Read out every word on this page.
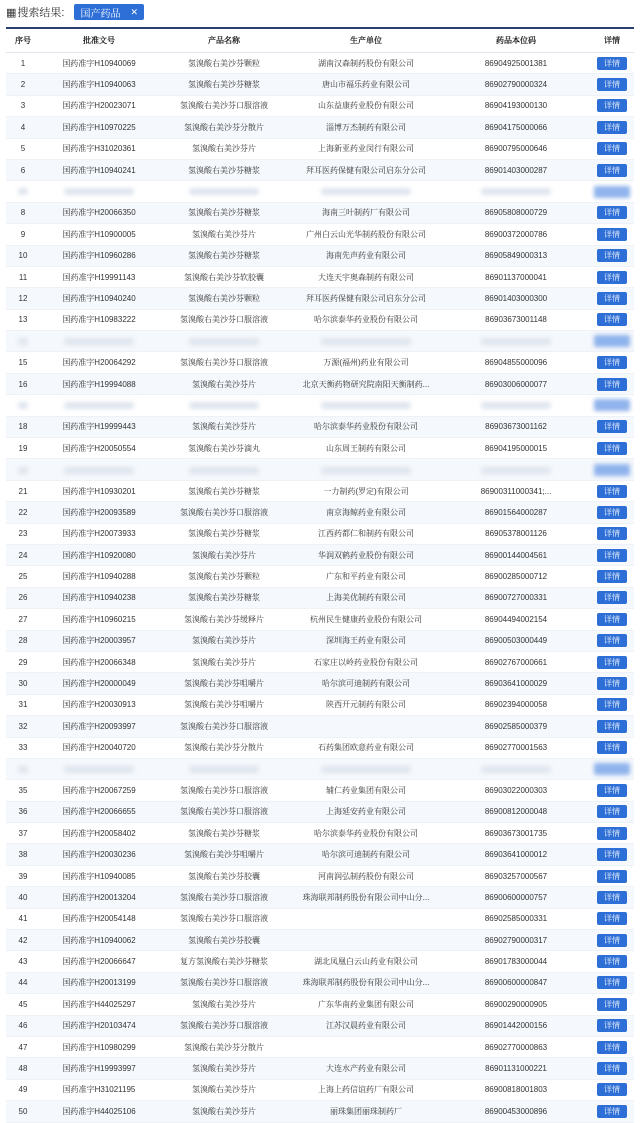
▦ 搜索结果: 国产药品 ✕
序号	批准文号	产品名称	生产单位	药品本位码	详情
1	国药准字H10940069	氢溴酸右美沙芬颗粒	湖南汉森制药股份有限公司	86904925001381	详情
2	国药准字H10940063	氢溴酸右美沙芬糖浆	唐山市福乐药业有限公司	86902790000324	详情
3	国药准字H20023071	氢溴酸右美沙芬口服溶液	山东益康药业股份有限公司	86904193000130	详情
4	国药准字H10970225	氢溴酸右美沙芬分散片	淄博万杰制药有限公司	86904175000066	详情
5	国药准字H31020361	氢溴酸右美沙芬片	上海新亚药业闵行有限公司	86900795000646	详情
6	国药准字H10940241	氢溴酸右美沙芬糖浆	拜耳医药保健有限公司启东分公司	86901403000287	详情

8	国药准字H20066350	氢溴酸右美沙芬糖浆	海南三叶制药厂有限公司	86905808000729	详情
9	国药准字H10900005	氢溴酸右美沙芬片	广州白云山光华制药股份有限公司	86900372000786	详情
10	国药准字H10960286	氢溴酸右美沙芬糖浆	海南先声药业有限公司	86905849000313	详情
11	国药准字H19991143	氢溴酸右美沙芬软胶囊	大连天宇奥森制药有限公司	86901137000041	详情
12	国药准字H10940240	氢溴酸右美沙芬颗粒	拜耳医药保健有限公司启东分公司	86901403000300	详情
13	国药准字H10983222	氢溴酸右美沙芬口服溶液	哈尔滨泰华药业股份有限公司	86903673001148	详情

15	国药准字H20064292	氢溴酸右美沙芬口服溶液	万源(福州)药业有限公司	86904855000096	详情
16	国药准字H19994088	氢溴酸右美沙芬片	北京天衡药物研究院南阳天衡制药...	86903006000077	详情

18	国药准字H19999443	氢溴酸右美沙芬片	哈尔滨泰华药业股份有限公司	86903673001162	详情
19	国药准字H20050554	氢溴酸右美沙芬滴丸	山东周王制药有限公司	86904195000015	详情

21	国药准字H10930201	氢溴酸右美沙芬糖浆	一力制药(罗定)有限公司	86900311000341;...	详情
22	国药准字H20093589	氢溴酸右美沙芬口服溶液	南京海鲸药业有限公司	86901564000287	详情
23	国药准字H20073933	氢溴酸右美沙芬糖浆	江西药都仁和制药有限公司	86905378001126	详情
24	国药准字H10920080	氢溴酸右美沙芬片	华润双鹤药业股份有限公司	86900144004561	详情
25	国药准字H10940288	氢溴酸右美沙芬颗粒	广东和平药业有限公司	86900285000712	详情
26	国药准字H10940238	氢溴酸右美沙芬糖浆	上海美优制药有限公司	86900727000331	详情
27	国药准字H10960215	氢溴酸右美沙芬缓释片	杭州民生健康药业股份有限公司	86904494002154	详情
28	国药准字H20003957	氢溴酸右美沙芬片	深圳海王药业有限公司	86900503000449	详情
29	国药准字H20066348	氢溴酸右美沙芬片	石家庄以岭药业股份有限公司	86902767000661	详情
30	国药准字H20000049	氢溴酸右美沙芬咀嚼片	哈尔滨可迪制药有限公司	86903641000029	详情
31	国药准字H20030913	氢溴酸右美沙芬咀嚼片	陕西开元制药有限公司	86902394000058	详情
32	国药准字H20093997	氢溴酸右美沙芬口服溶液		86902585000379	详情
33	国药准字H20040720	氢溴酸右美沙芬分散片	石药集团欧意药业有限公司	86902770001563	详情

35	国药准字H20067259	氢溴酸右美沙芬口服溶液	辅仁药业集团有限公司	86903022000303	详情
36	国药准字H20066655	氢溴酸右美沙芬口服溶液	上海延安药业有限公司	86900812000048	详情
37	国药准字H20058402	氢溴酸右美沙芬糖浆	哈尔滨泰华药业股份有限公司	86903673001735	详情
38	国药准字H20030236	氢溴酸右美沙芬咀嚼片	哈尔滨可迪制药有限公司	86903641000012	详情
39	国药准字H10940085	氢溴酸右美沙芬胶囊	河南润弘制药股份有限公司	86903257000567	详情
40	国药准字H20013204	氢溴酸右美沙芬口服溶液	珠海联邦制药股份有限公司中山分...	86900600000757	详情
41	国药准字H20054148	氢溴酸右美沙芬口服溶液		86902585000331	详情
42	国药准字H10940062	氢溴酸右美沙芬胶囊		86902790000317	详情
43	国药准字H20066647	复方氢溴酸右美沙芬糖浆	湖北凤凰白云山药业有限公司	86901783000044	详情
44	国药准字H20013199	氢溴酸右美沙芬口服溶液	珠海联邦制药股份有限公司中山分...	86900600000847	详情
45	国药准字H44025297	氢溴酸右美沙芬片	广东华南药业集团有限公司	86900290000905	详情
46	国药准字H20103474	氢溴酸右美沙芬口服溶液	江苏汉晨药业有限公司	86901442000156	详情
47	国药准字H10980299	氢溴酸右美沙芬分散片		86902770000863	详情
48	国药准字H19993997	氢溴酸右美沙芬片	大连水产药业有限公司	86901131000221	详情
49	国药准字H31021195	氢溴酸右美沙芬片	上海上药信谊药厂有限公司	86900818001803	详情
50	国药准字H44025106	氢溴酸右美沙芬片	丽珠集团丽珠制药厂	86900453000896	详情
